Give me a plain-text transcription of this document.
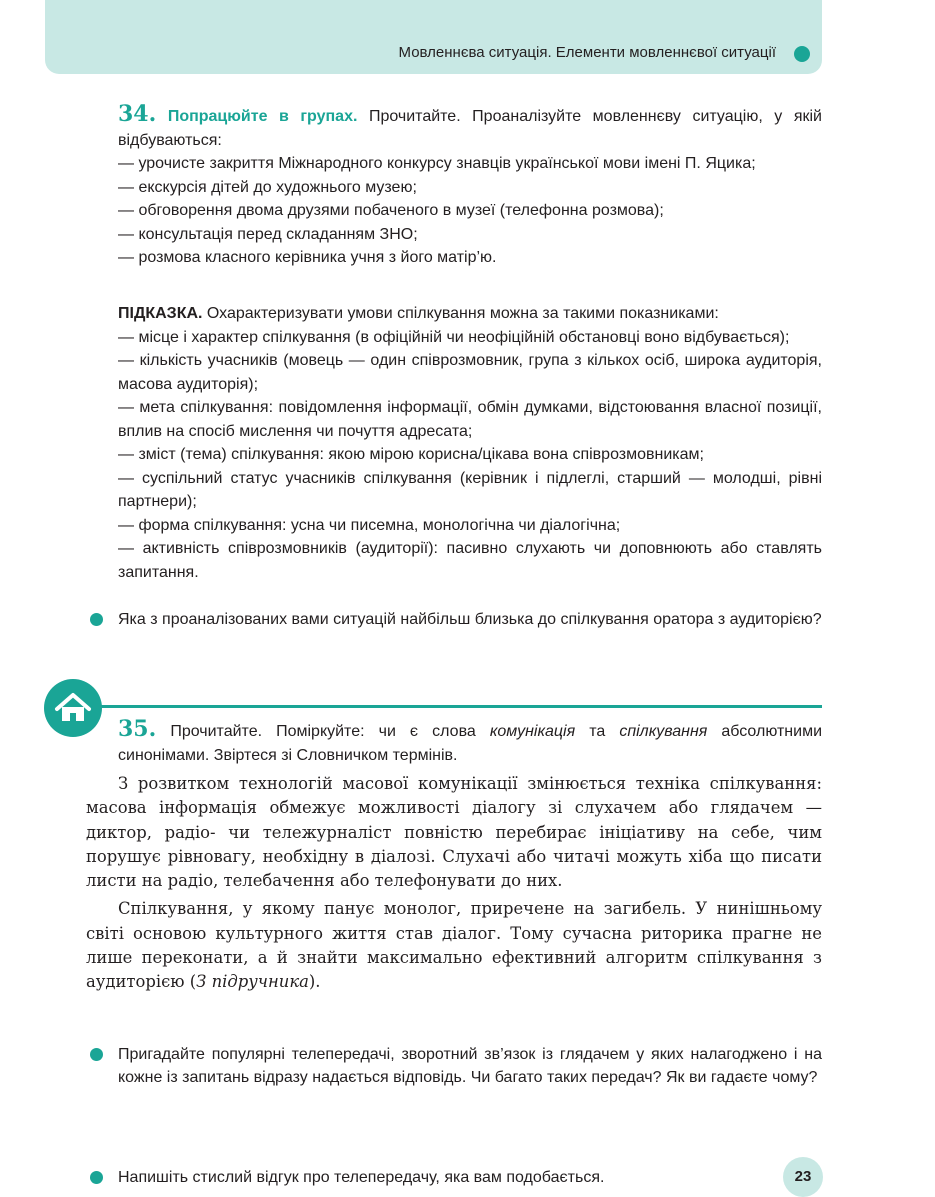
Мовленнєва ситуація. Елементи мовленнєвої ситуації
34. Попрацюйте в групах. Прочитайте. Проаналізуйте мовленнєву ситуацію, у якій відбуваються:
— урочисте закриття Міжнародного конкурсу знавців української мови імені П. Яцика;
— екскурсія дітей до художнього музею;
— обговорення двома друзями побаченого в музеї (телефонна розмова);
— консультація перед складанням ЗНО;
— розмова класного керівника учня з його матір’ю.
ПІДКАЗКА. Охарактеризувати умови спілкування можна за такими показниками:
— місце і характер спілкування (в офіційній чи неофіційній обстановці воно відбувається);
— кількість учасників (мовець — один співрозмовник, група з кількох осіб, широка аудиторія, масова аудиторія);
— мета спілкування: повідомлення інформації, обмін думками, відстоювання власної позиції, вплив на спосіб мислення чи почуття адресата;
— зміст (тема) спілкування: якою мірою корисна/цікава вона співрозмовникам;
— суспільний статус учасників спілкування (керівник і підлеглі, старший — молодші, рівні партнери);
— форма спілкування: усна чи писемна, монологічна чи діалогічна;
— активність співрозмовників (аудиторії): пасивно слухають чи доповнюють або ставлять запитання.
Яка з проаналізованих вами ситуацій найбільш близька до спілкування оратора з аудиторією?
35. Прочитайте. Поміркуйте: чи є слова комунікація та спілкування абсолютними синонімами. Звіртеся зі Словничком термінів.

З розвитком технологій масової комунікації змінюється техніка спілкування: масова інформація обмежує можливості діалогу зі слухачем або глядачем — диктор, радіо- чи тележурналіст повністю перебирає ініціативу на себе, чим порушує рівновагу, необхідну в діалозі. Слухачі або читачі можуть хіба що писати листи на радіо, телебачення або телефонувати до них.

Спілкування, у якому панує монолог, приречене на загибель. У нинішньому світі основою культурного життя став діалог. Тому сучасна риторика прагне не лише переконати, а й знайти максимально ефективний алгоритм спілкування з аудиторією (З підручника).

Пригадайте популярні телепередачі, зворотний зв’язок із глядачем у яких налагоджено і на кожне із запитань відразу надається відповідь. Чи багато таких передач? Як ви гадаєте чому?
Напишіть стислий відгук про телепередачу, яка вам подобається.	23
